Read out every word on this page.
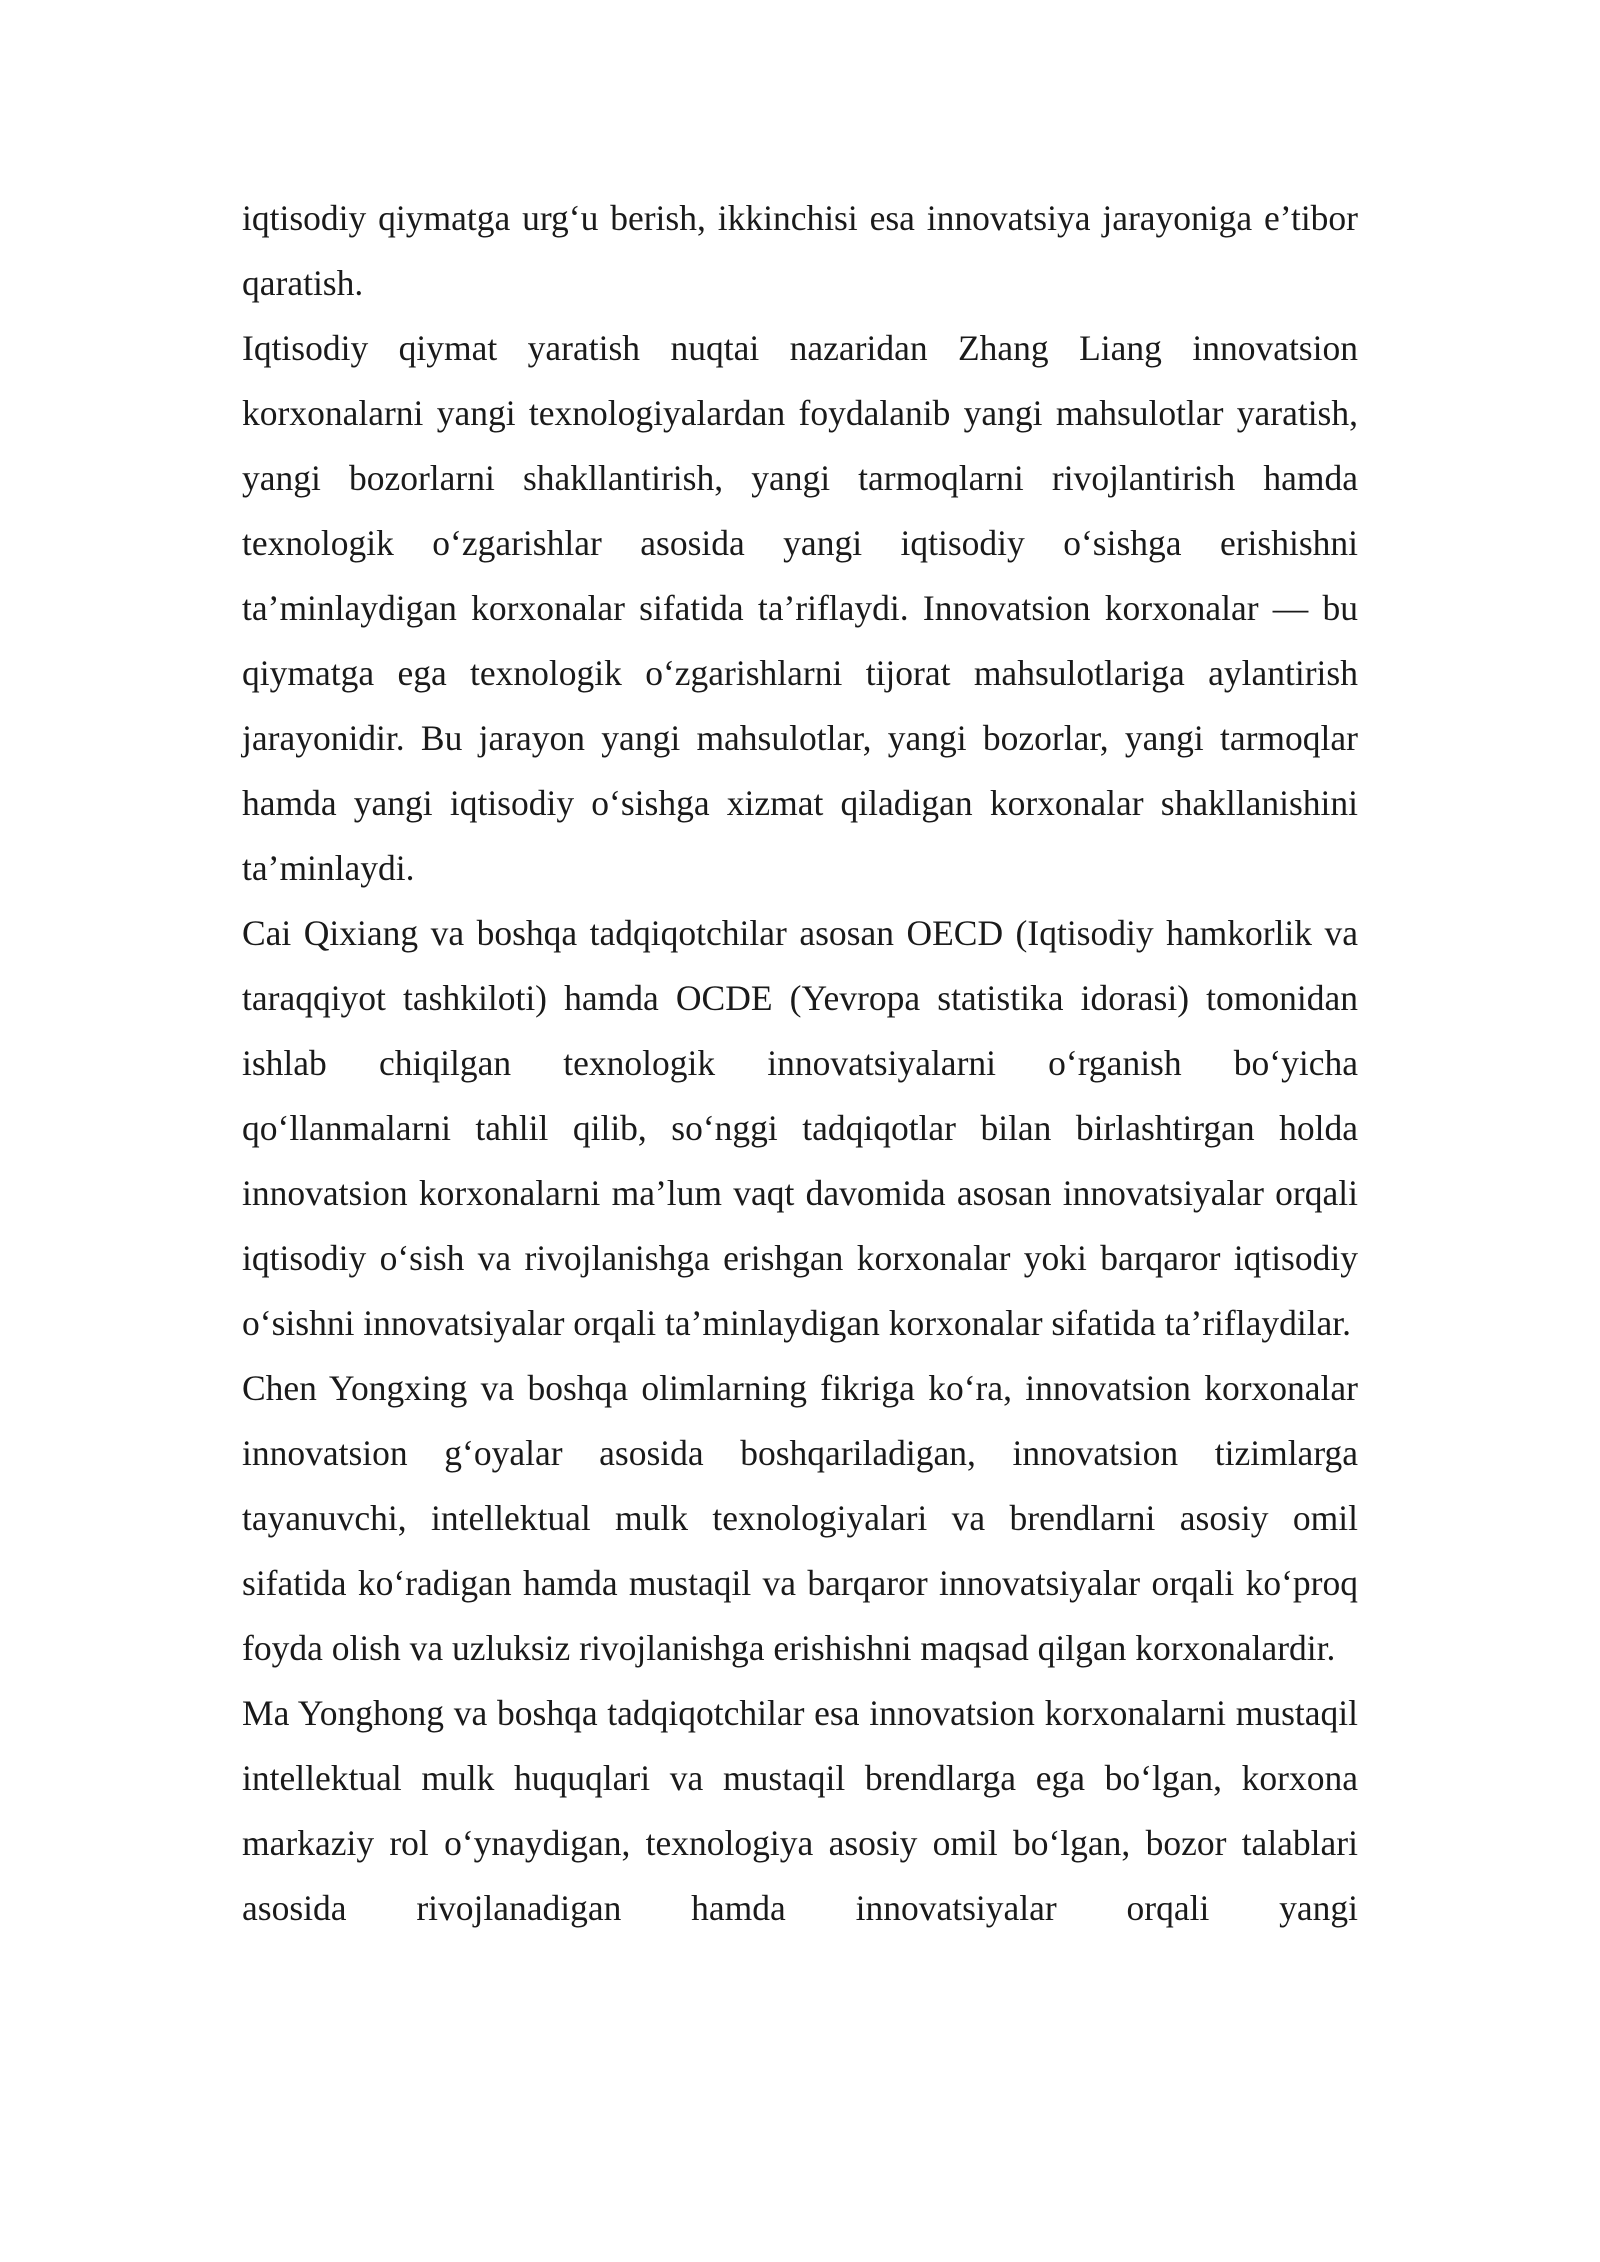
iqtisodiy qiymatga urg‘u berish, ikkinchisi esa innovatsiya jarayoniga e’tibor qaratish.

Iqtisodiy qiymat yaratish nuqtai nazaridan Zhang Liang innovatsion korxonalarni yangi texnologiyalardan foydalanib yangi mahsulotlar yaratish, yangi bozorlarni shakllantirish, yangi tarmoqlarni rivojlantirish hamda texnologik o‘zgarishlar asosida yangi iqtisodiy o‘sishga erishishni ta’minlaydigan korxonalar sifatida ta’riflaydi. Innovatsion korxonalar — bu qiymatga ega texnologik o‘zgarishlarni tijorat mahsulotlariga aylantirish jarayonidir. Bu jarayon yangi mahsulotlar, yangi bozorlar, yangi tarmoqlar hamda yangi iqtisodiy o‘sishga xizmat qiladigan korxonalar shakllanishini ta’minlaydi.

Cai Qixiang va boshqa tadqiqotchilar asosan OECD (Iqtisodiy hamkorlik va taraqqiyot tashkiloti) hamda OCDE (Yevropa statistika idorasi) tomonidan ishlab chiqilgan texnologik innovatsiyalarni o‘rganish bo‘yicha qo‘llanmalarni tahlil qilib, so‘nggi tadqiqotlar bilan birlashtirgan holda innovatsion korxonalarni ma’lum vaqt davomida asosan innovatsiyalar orqali iqtisodiy o‘sish va rivojlanishga erishgan korxonalar yoki barqaror iqtisodiy o‘sishni innovatsiyalar orqali ta’minlaydigan korxonalar sifatida ta’riflaydilar.

Chen Yongxing va boshqa olimlarning fikriga ko‘ra, innovatsion korxonalar innovatsion g‘oyalar asosida boshqariladigan, innovatsion tizimlarga tayanuvchi, intellektual mulk texnologiyalari va brendlarni asosiy omil sifatida ko‘radigan hamda mustaqil va barqaror innovatsiyalar orqali ko‘proq foyda olish va uzluksiz rivojlanishga erishishni maqsad qilgan korxonalardir.

Ma Yonghong va boshqa tadqiqotchilar esa innovatsion korxonalarni mustaqil intellektual mulk huquqlari va mustaqil brendlarga ega bo‘lgan, korxona markaziy rol o‘ynaydigan, texnologiya asosiy omil bo‘lgan, bozor talablari asosida rivojlanadigan hamda innovatsiyalar orqali yangi
